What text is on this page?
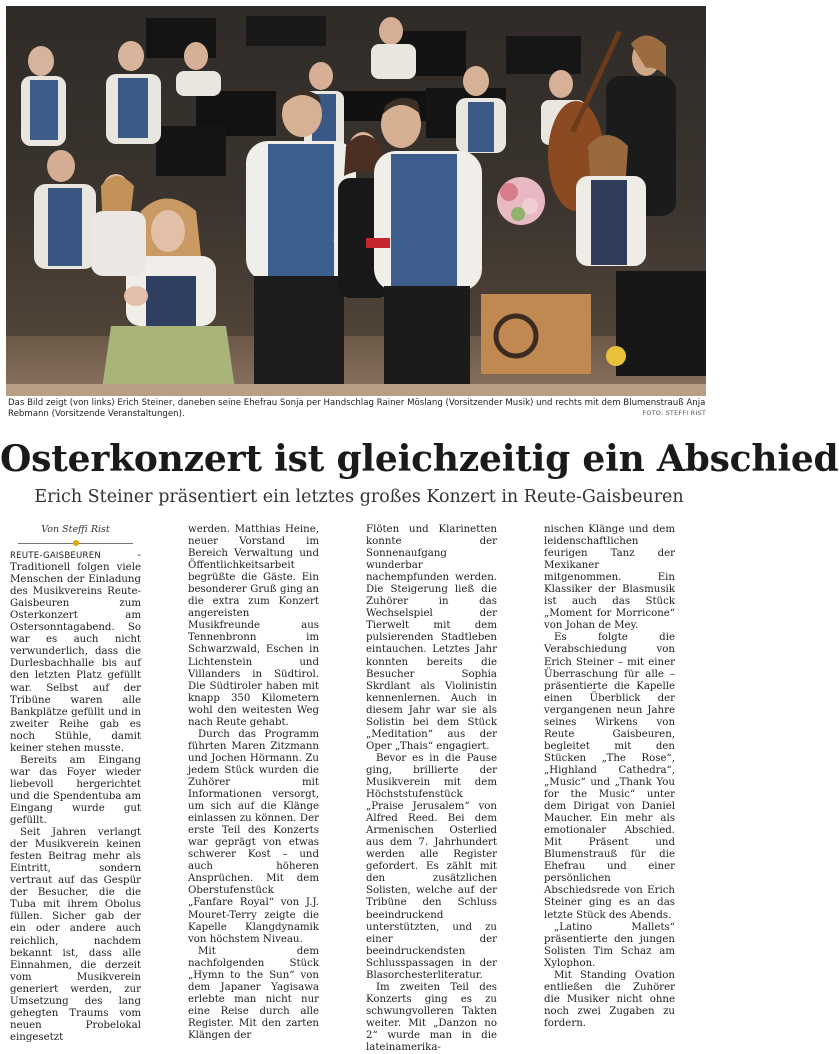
Das Bild zeigt (von links) Erich Steiner, daneben seine Ehefrau Sonja per Handschlag Rainer Möslang (Vorsitzender Musik) und rechts mit dem Blumenstrauß Anja Rebmann (Vorsitzende Veranstaltungen).	FOTO: STEFFI RIST
Osterkonzert ist gleichzeitig ein Abschied
Erich Steiner präsentiert ein letztes großes Konzert in Reute-Gaisbeuren
Von Steffi Rist

REUTE-GAISBEUREN - Traditionell folgen viele Menschen der Einladung des Musikvereins Reute-Gaisbeuren zum Osterkonzert am Ostersonntagabend. So war es auch nicht verwunderlich, dass die Durlesbachhalle bis auf den letzten Platz gefüllt war. Selbst auf der Tribüne waren alle Bankplätze gefüllt und in zweiter Reihe gab es noch Stühle, damit keiner stehen musste.

Bereits am Eingang war das Foyer wieder liebevoll hergerichtet und die Spendentuba am Eingang wurde gut gefüllt.

Seit Jahren verlangt der Musikverein keinen festen Beitrag mehr als Eintritt, sondern vertraut auf das Gespür der Besucher, die die Tuba mit ihrem Obolus füllen. Sicher gab der ein oder andere auch reichlich, nachdem bekannt ist, dass alle Einnahmen, die derzeit vom Musikverein generiert werden, zur Umsetzung des lang gehegten Traums vom neuen Probelokal eingesetzt

werden. Matthias Heine, neuer Vorstand im Bereich Verwaltung und Öffentlichkeitsarbeit begrüßte die Gäste. Ein besonderer Gruß ging an die extra zum Konzert angereisten Musikfreunde aus Tennenbronn im Schwarzwald, Eschen in Lichtenstein und Villanders in Südtirol. Die Südtiroler haben mit knapp 350 Kilometern wohl den weitesten Weg nach Reute gehabt.

Durch das Programm führten Maren Zitzmann und Jochen Hörmann. Zu jedem Stück wurden die Zuhörer mit Informationen versorgt, um sich auf die Klänge einlassen zu können. Der erste Teil des Konzerts war geprägt von etwas schwerer Kost – und auch höheren Ansprüchen. Mit dem Oberstufenstück „Fanfare Royal“ von J.J. Mouret-Terry zeigte die Kapelle Klangdynamik von höchstem Niveau.

Mit dem nachfolgenden Stück „Hymn to the Sun“ von dem Japaner Yagisawa erlebte man nicht nur eine Reise durch alle Register. Mit den zarten Klängen der

Flöten und Klarinetten konnte der Sonnenaufgang wunderbar nachempfunden werden. Die Steigerung ließ die Zuhörer in das Wechselspiel der Tierwelt mit dem pulsierenden Stadtleben eintauchen. Letztes Jahr konnten bereits die Besucher Sophia Skrdlant als Violinistin kennenlernen. Auch in diesem Jahr war sie als Solistin bei dem Stück „Meditation“ aus der Oper „Thais“ engagiert.

Bevor es in die Pause ging, brillierte der Musikverein mit dem Höchststufenstück „Praise Jerusalem“ von Alfred Reed. Bei dem Armenischen Osterlied aus dem 7. Jahrhundert werden alle Register gefordert. Es zählt mit den zusätzlichen Solisten, welche auf der Tribüne den Schluss beeindruckend unterstützten, und zu einer der beeindruckendsten Schlusspassagen in der Blasorchesterliteratur.

Im zweiten Teil des Konzerts ging es zu schwungvolleren Takten weiter. Mit „Danzon no 2“ wurde man in die lateinamerika-

nischen Klänge und dem leidenschaftlichen feurigen Tanz der Mexikaner mitgenommen. Ein Klassiker der Blasmusik ist auch das Stück „Moment for Morricone“ von Johan de Mey.

Es folgte die Verabschiedung von Erich Steiner – mit einer Überraschung für alle – präsentierte die Kapelle einen Überblick der vergangenen neun Jahre seines Wirkens von Reute Gaisbeuren, begleitet mit den Stücken „The Rose“, „Highland Cathedra“, „Music“ und „Thank You for the Music“ unter dem Dirigat von Daniel Maucher. Ein mehr als emotionaler Abschied. Mit Präsent und Blumenstrauß für die Ehefrau und einer persönlichen Abschiedsrede von Erich Steiner ging es an das letzte Stück des Abends.

„Latino Mallets“ präsentierte den jungen Solisten Tim Schaz am Xylophon.

Mit Standing Ovation entließen die Zuhörer die Musiker nicht ohne noch zwei Zugaben zu fordern.
